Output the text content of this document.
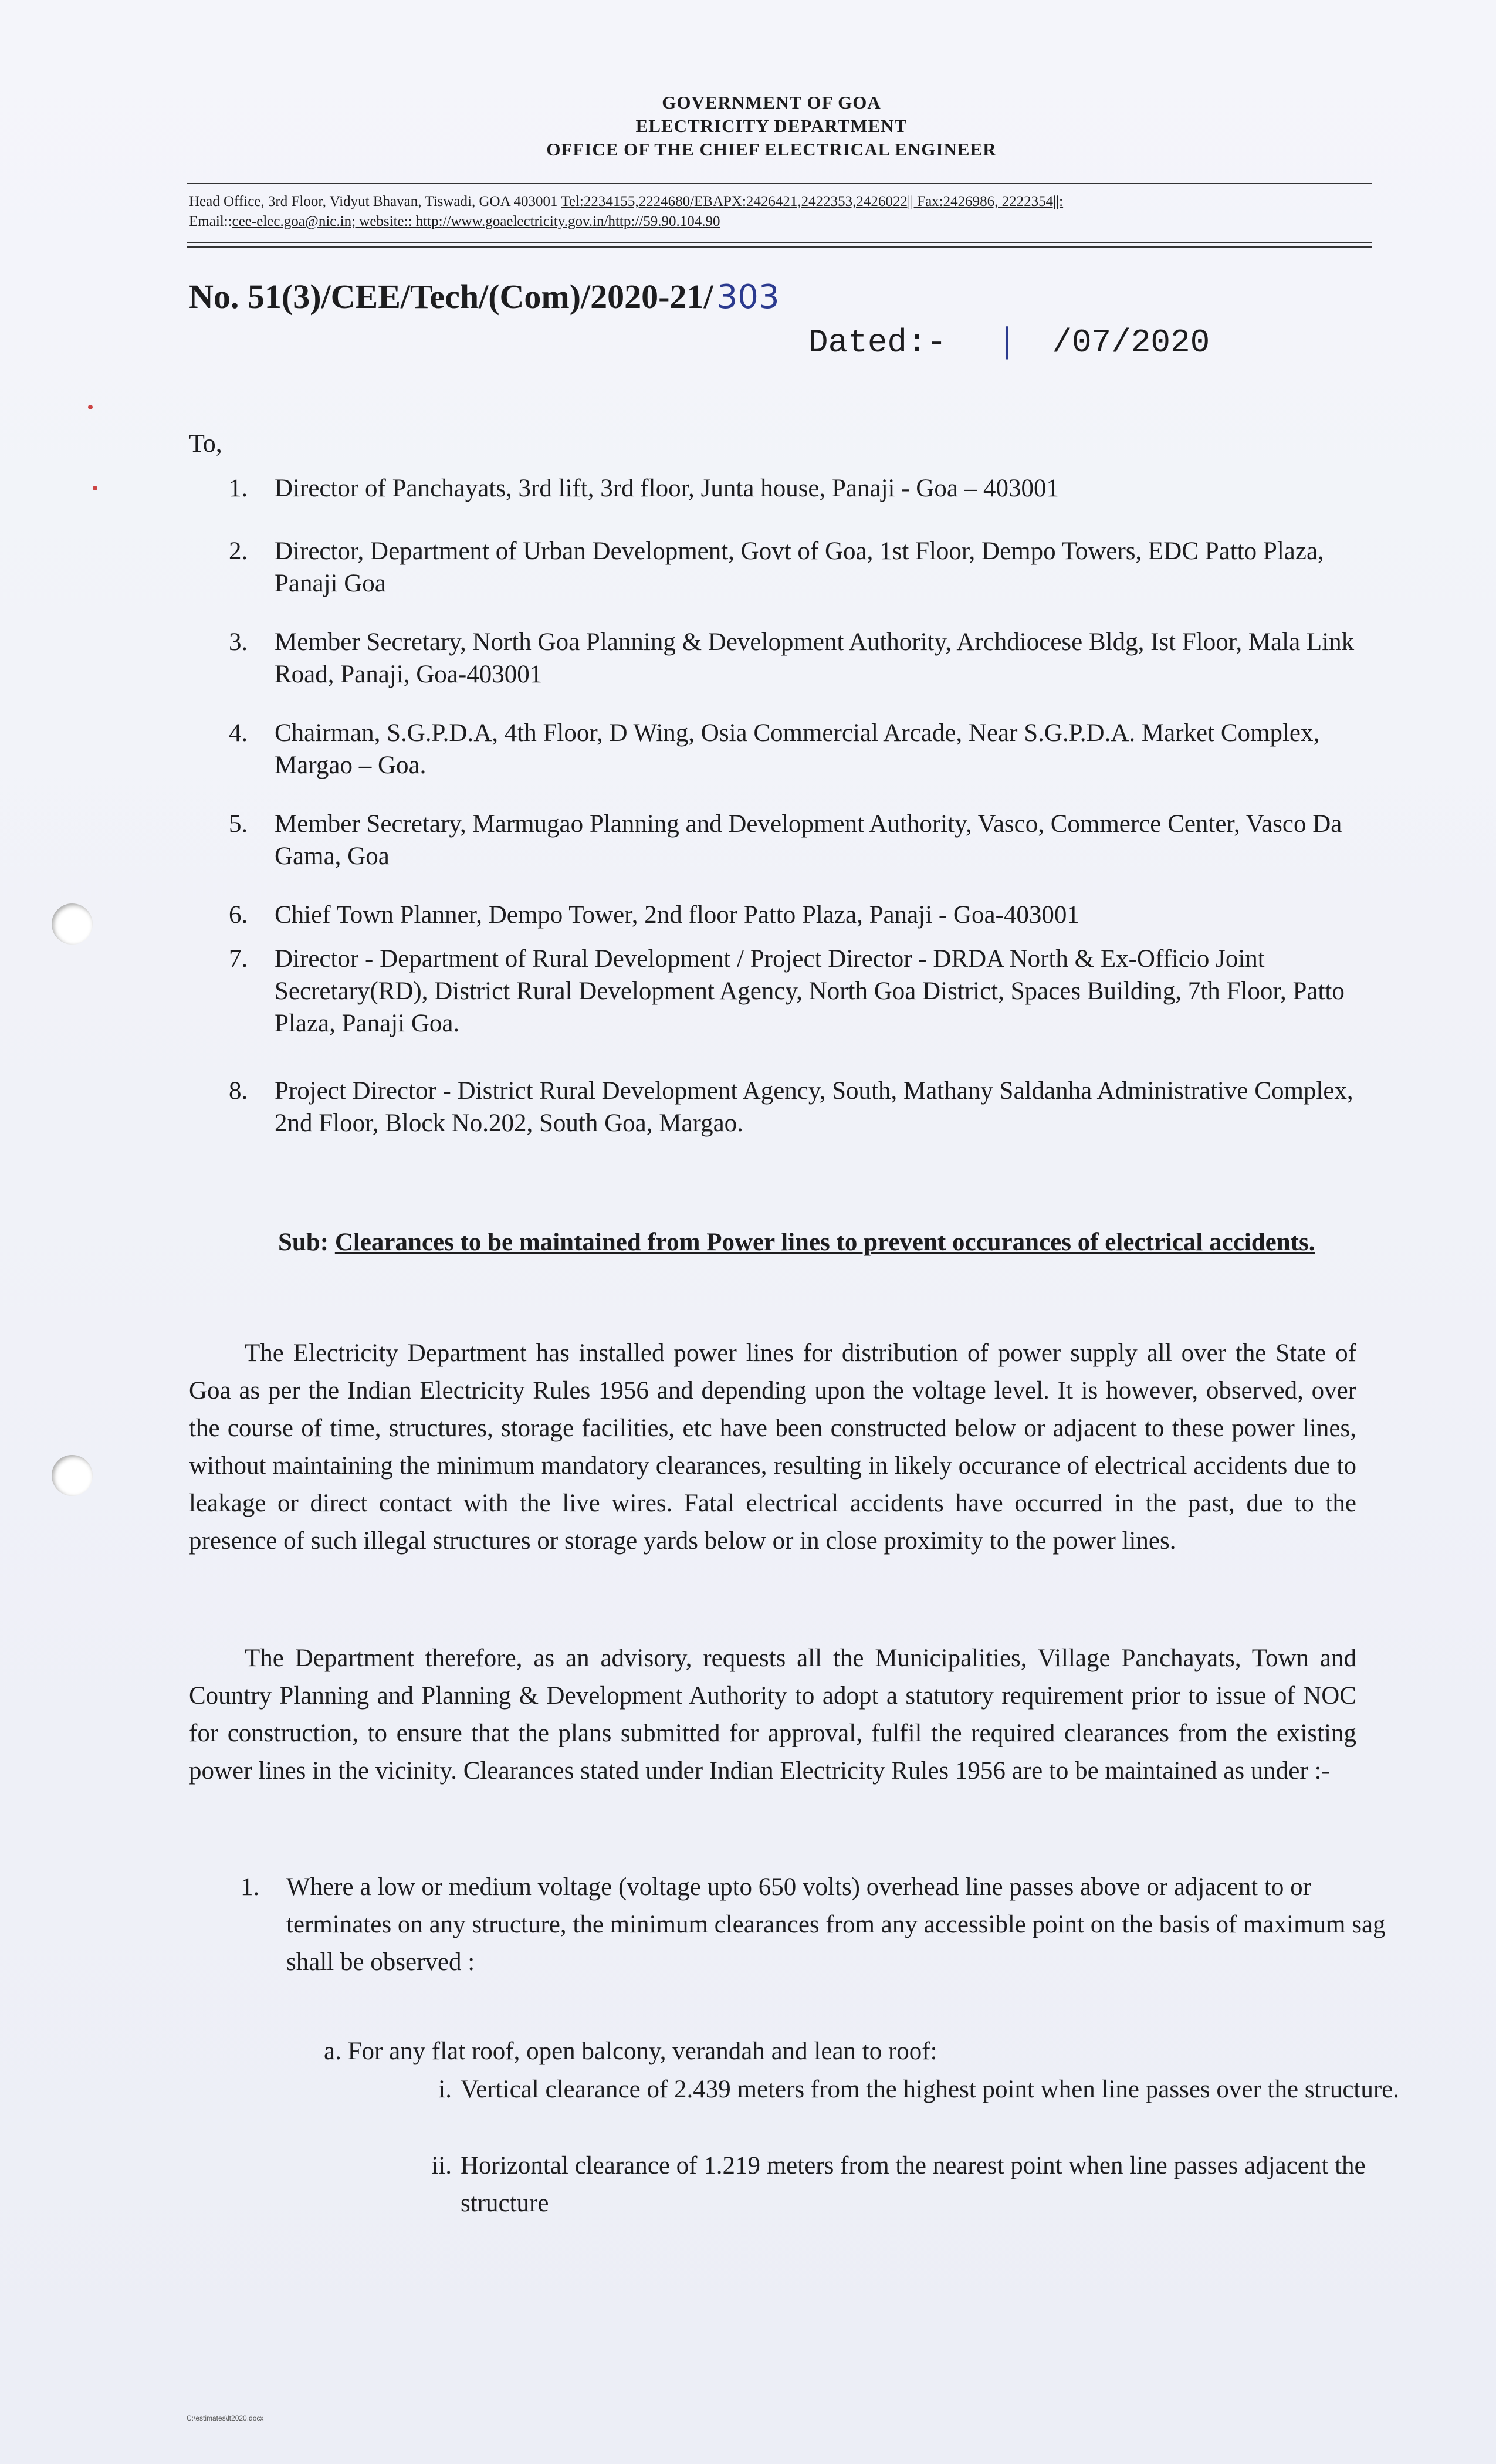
GOVERNMENT OF GOA
ELECTRICITY DEPARTMENT
OFFICE OF THE CHIEF ELECTRICAL ENGINEER
Head Office, 3rd Floor, Vidyut Bhavan, Tiswadi, GOA 403001 Tel:2234155,2224680/EBAPX:2426421,2422353,2426022|| Fax:2426986, 2222354||:
Email::cee-elec.goa@nic.in; website:: http://www.goaelectricity.gov.in/http://59.90.104.90
No. 51(3)/CEE/Tech/(Com)/2020-21/ 303
Dated:- | /07/2020
To,
1. Director of Panchayats, 3rd lift, 3rd floor, Junta house, Panaji - Goa – 403001
2. Director, Department of Urban Development, Govt of Goa, 1st Floor, Dempo Towers, EDC Patto Plaza, Panaji Goa
3. Member Secretary, North Goa Planning & Development Authority, Archdiocese Bldg, Ist Floor, Mala Link Road, Panaji, Goa-403001
4. Chairman, S.G.P.D.A, 4th Floor, D Wing, Osia Commercial Arcade, Near S.G.P.D.A. Market Complex, Margao – Goa.
5. Member Secretary, Marmugao Planning and Development Authority, Vasco, Commerce Center, Vasco Da Gama, Goa
6. Chief Town Planner, Dempo Tower, 2nd floor Patto Plaza, Panaji - Goa-403001
7. Director - Department of Rural Development / Project Director - DRDA North & Ex-Officio Joint Secretary(RD), District Rural Development Agency, North Goa District, Spaces Building, 7th Floor, Patto Plaza, Panaji Goa.
8. Project Director - District Rural Development Agency, South, Mathany Saldanha Administrative Complex, 2nd Floor, Block No.202, South Goa, Margao.
Sub: Clearances to be maintained from Power lines to prevent occurances of electrical accidents.
The Electricity Department has installed power lines for distribution of power supply all over the State of Goa as per the Indian Electricity Rules 1956 and depending upon the voltage level. It is however, observed, over the course of time, structures, storage facilities, etc have been constructed below or adjacent to these power lines, without maintaining the minimum mandatory clearances, resulting in likely occurance of electrical accidents due to leakage or direct contact with the live wires. Fatal electrical accidents have occurred in the past, due to the presence of such illegal structures or storage yards below or in close proximity to the power lines.
The Department therefore, as an advisory, requests all the Municipalities, Village Panchayats, Town and Country Planning and Planning & Development Authority to adopt a statutory requirement prior to issue of NOC for construction, to ensure that the plans submitted for approval, fulfil the required clearances from the existing power lines in the vicinity. Clearances stated under Indian Electricity Rules 1956 are to be maintained as under :-
1. Where a low or medium voltage (voltage upto 650 volts) overhead line passes above or adjacent to or terminates on any structure, the minimum clearances from any accessible point on the basis of maximum sag shall be observed :
a. For any flat roof, open balcony, verandah and lean to roof:
i. Vertical clearance of 2.439 meters from the highest point when line passes over the structure.
ii. Horizontal clearance of 1.219 meters from the nearest point when line passes adjacent the structure
C:\estimates\lt2020.docx
